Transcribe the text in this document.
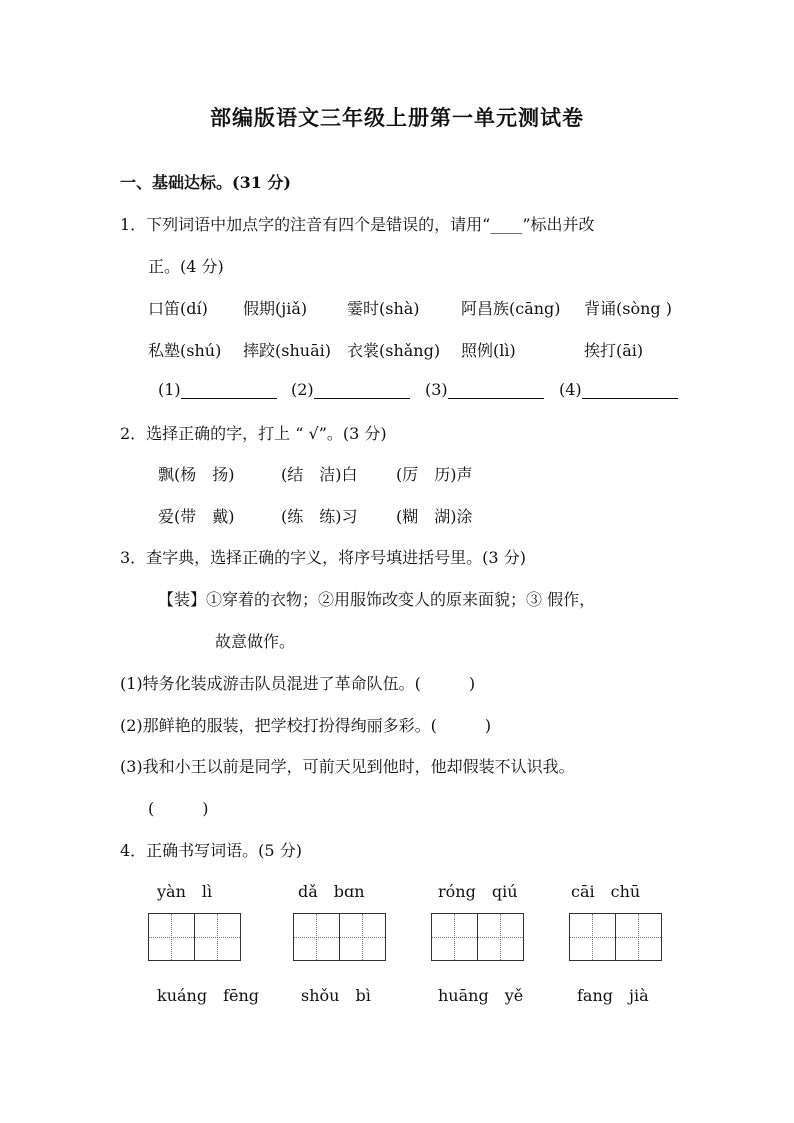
部编版语文三年级上册第一单元测试卷
一、基础达标。(31 分)
1．下列词语中加点字的注音有四个是错误的，请用“____”标出并改
正。(4 分)
口笛(dí) 假期(jiǎ) 霎时(shà)	阿昌族(cāng) 背诵(sòng )
私塾(shú) 摔跤(shuāi) 衣裳(shǎng) 照例(lì)	挨打(āi)
(1)	(2)	(3)	(4)
2．选择正确的字，打上 “ √”。(3 分)
飘(杨　扬)	(结　洁)白 (厉　历)声
爱(带　戴)	(练　练)习 (糊　湖)涂
3．查字典，选择正确的字义，将序号填进括号里。(3 分)
【装】①穿着的衣物；②用服饰改变人的原来面貌；③ 假作，
故意做作。
(1)特务化装成游击队员混进了革命队伍。(　　　)
(2)那鲜艳的服装，把学校打扮得绚丽多彩。(　　　)
(3)我和小王以前是同学，可前天见到他时，他却假装不认识我。
(　　　)
4．正确书写词语。(5 分)
yàn　lì	dǎ　bɑn	róng　qiú	cāi　chū
kuáng　fēng	shǒu　bì	huāng　yě	fang　jià
